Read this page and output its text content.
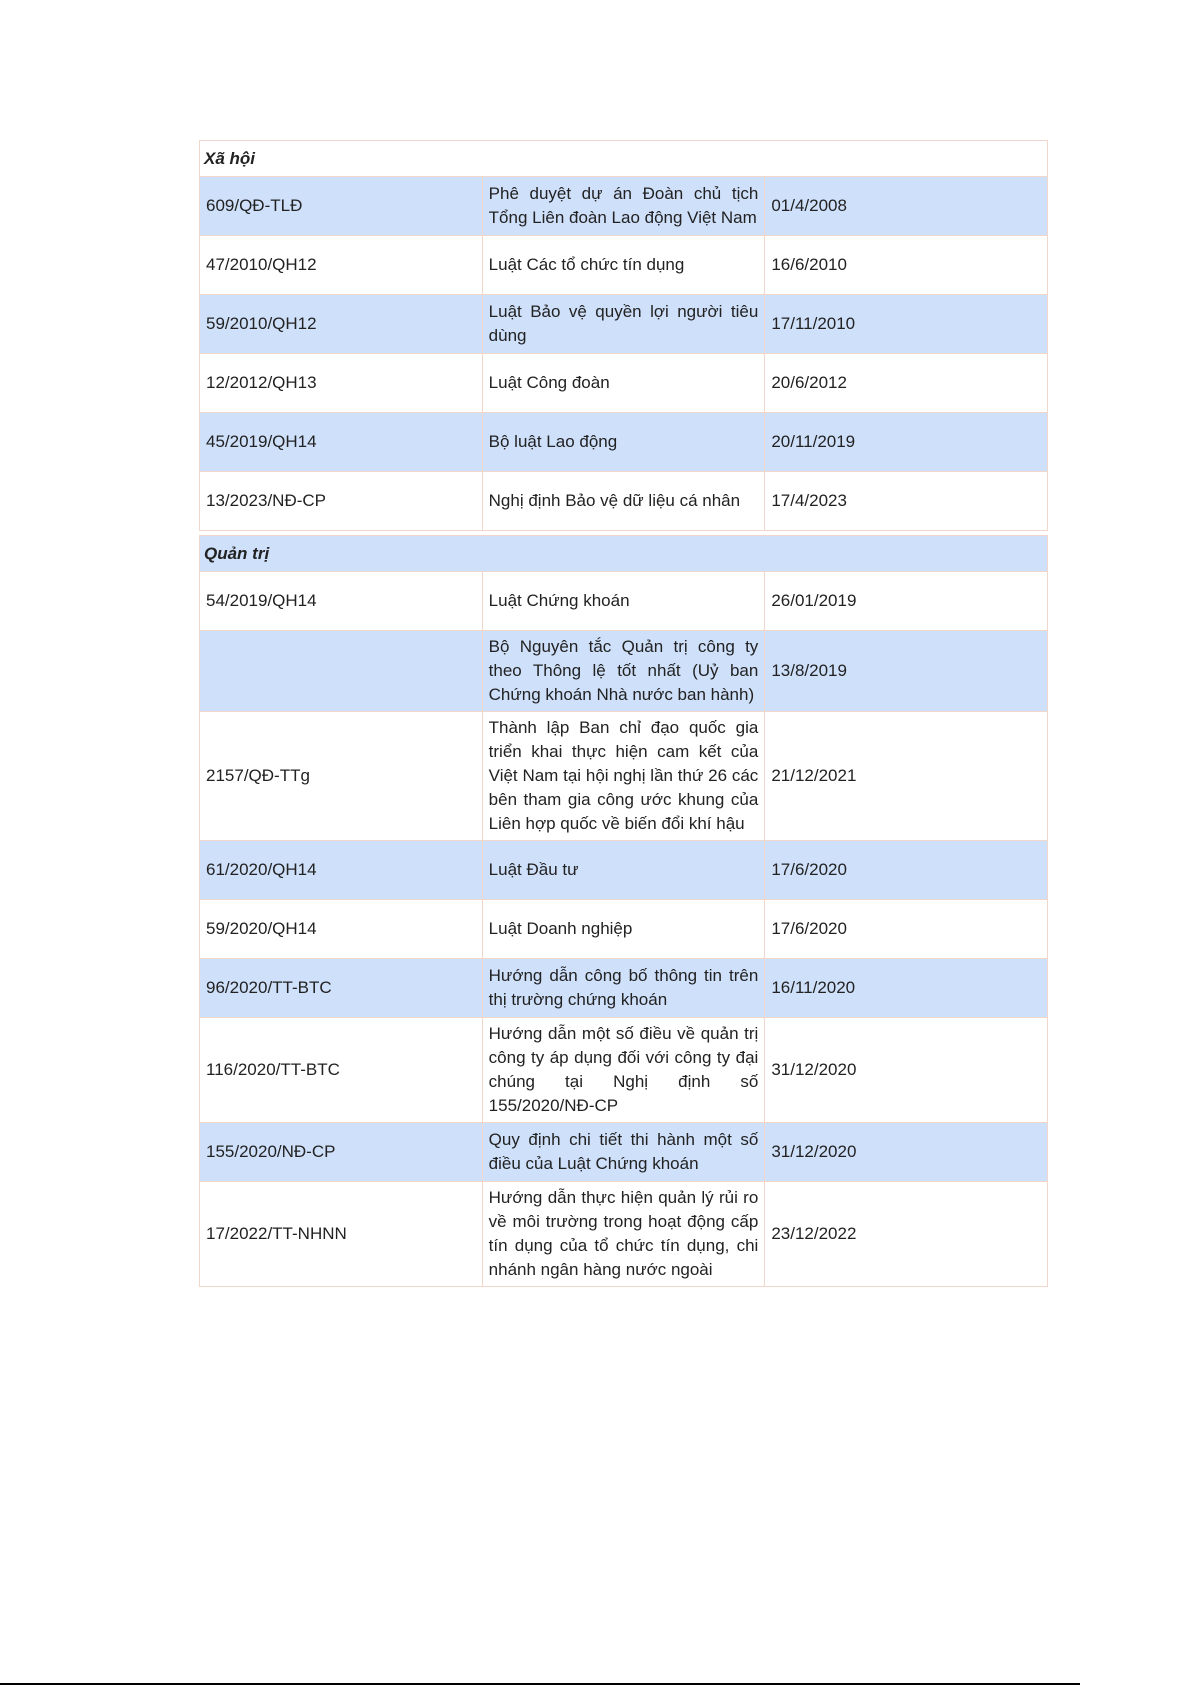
Xã hội		
609/QĐ-TLĐ	Phê duyệt dự án Đoàn chủ tịch Tổng Liên đoàn Lao động Việt Nam	01/4/2008
47/2010/QH12	Luật Các tổ chức tín dụng	16/6/2010
59/2010/QH12	Luật Bảo vệ quyền lợi người tiêu dùng	17/11/2010
12/2012/QH13	Luật Công đoàn	20/6/2012
45/2019/QH14	Bộ luật Lao động	20/11/2019
13/2023/NĐ-CP	Nghị định Bảo vệ dữ liệu cá nhân	17/4/2023

Quản trị		
54/2019/QH14	Luật Chứng khoán	26/01/2019
	Bộ Nguyên tắc Quản trị công ty theo Thông lệ tốt nhất (Uỷ ban Chứng khoán Nhà nước ban hành)	13/8/2019
2157/QĐ-TTg	Thành lập Ban chỉ đạo quốc gia triển khai thực hiện cam kết của Việt Nam tại hội nghị lần thứ 26 các bên tham gia công ước khung của Liên hợp quốc về biến đổi khí hậu	21/12/2021
61/2020/QH14	Luật Đầu tư	17/6/2020
59/2020/QH14	Luật Doanh nghiệp	17/6/2020
96/2020/TT-BTC	Hướng dẫn công bố thông tin trên thị trường chứng khoán	16/11/2020
116/2020/TT-BTC	Hướng dẫn một số điều về quản trị công ty áp dụng đối với công ty đại chúng tại Nghị định số 155/2020/NĐ-CP	31/12/2020
155/2020/NĐ-CP	Quy định chi tiết thi hành một số điều của Luật Chứng khoán	31/12/2020
17/2022/TT-NHNN	Hướng dẫn thực hiện quản lý rủi ro về môi trường trong hoạt động cấp tín dụng của tổ chức tín dụng, chi nhánh ngân hàng nước ngoài	23/12/2022
